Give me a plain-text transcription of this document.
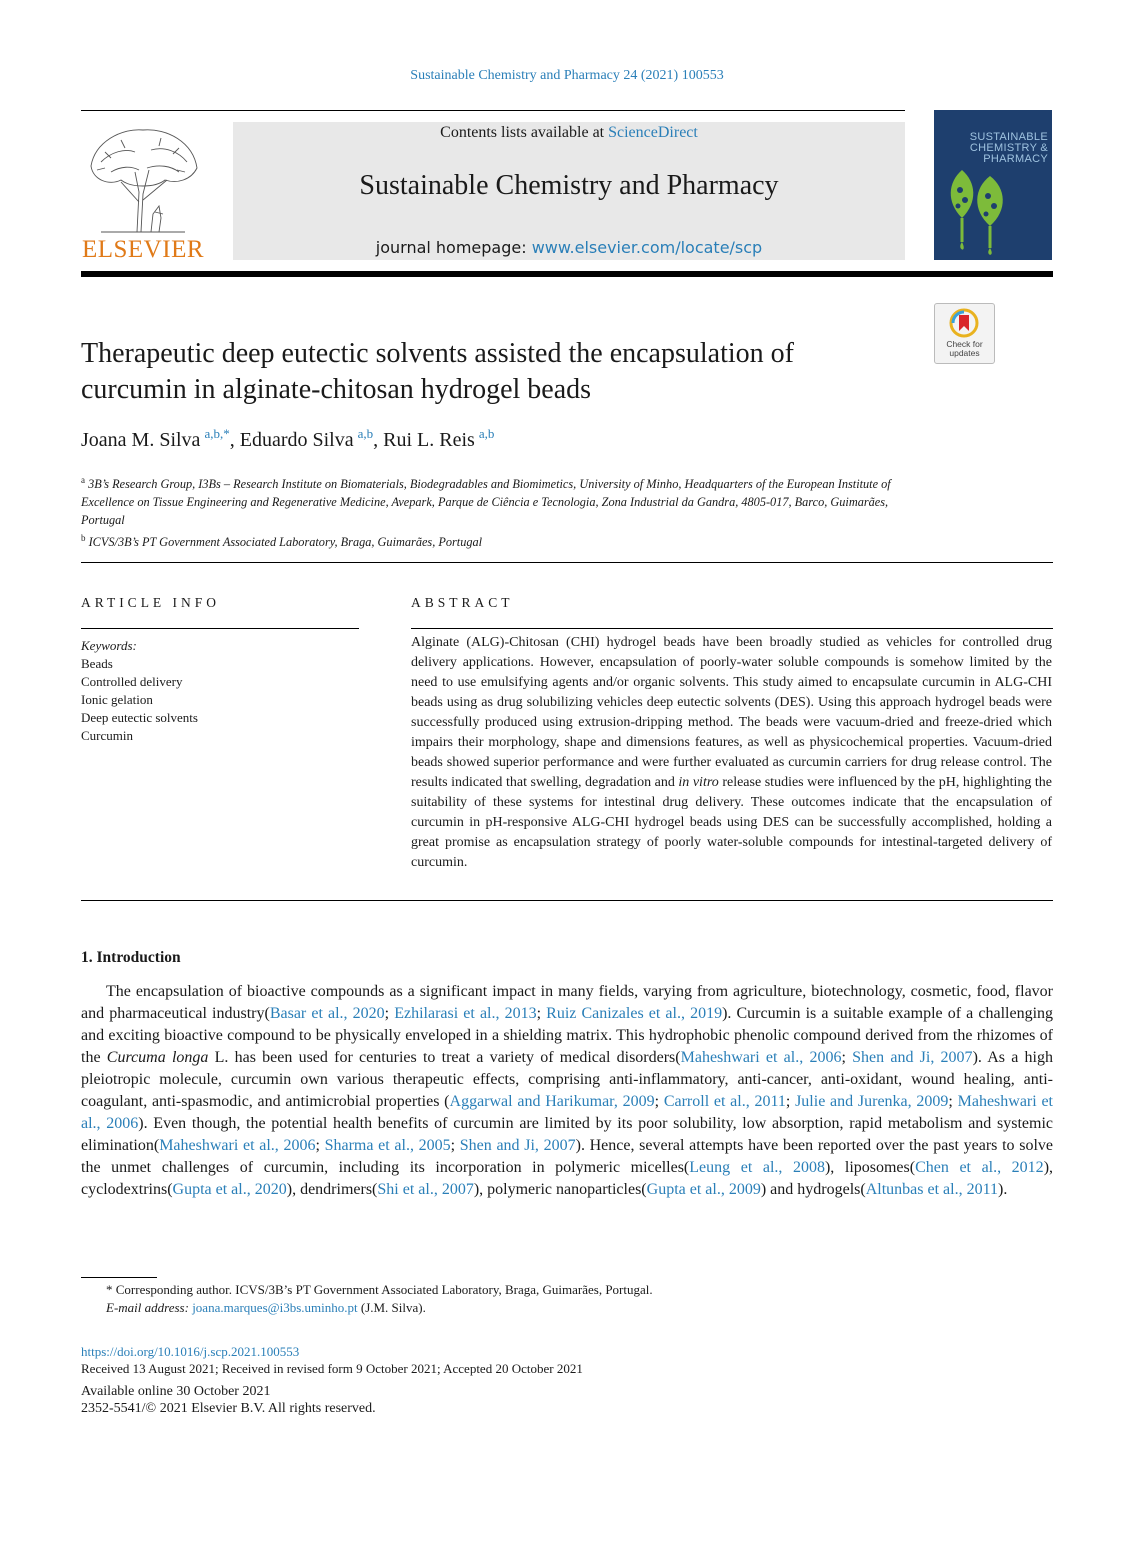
Sustainable Chemistry and Pharmacy 24 (2021) 100553
ELSEVIER
Contents lists available at ScienceDirect
Sustainable Chemistry and Pharmacy
journal homepage: www.elsevier.com/locate/scp
SUSTAINABLE
CHEMISTRY &
PHARMACY
Check for
updates
Therapeutic deep eutectic solvents assisted the encapsulation of
curcumin in alginate-chitosan hydrogel beads
Joana M. Silva  $^{a,b,*}$, Eduardo Silva  $^{a,b}$, Rui L. Reis  $^{a,b}$
$^a$ 3B’s Research Group, I3Bs – Research Institute on Biomaterials, Biodegradables and Biomimetics, University of Minho, Headquarters of the European Institute of Excellence on Tissue Engineering and Regenerative Medicine, Avepark, Parque de Ciência e Tecnologia, Zona Industrial da Gandra, 4805-017, Barco, Guimarães, Portugal
$^b$ ICVS/3B’s PT Government Associated Laboratory, Braga, Guimarães, Portugal
ARTICLE INFO
Keywords:
Beads
Controlled delivery
Ionic gelation
Deep eutectic solvents
Curcumin
ABSTRACT
Alginate (ALG)-Chitosan (CHI) hydrogel beads have been broadly studied as vehicles for controlled drug delivery applications. However, encapsulation of poorly-water soluble compounds is somehow limited by the need to use emulsifying agents and/or organic solvents. This study aimed to encapsulate curcumin in ALG-CHI beads using as drug solubilizing vehicles deep eutectic solvents (DES). Using this approach hydrogel beads were successfully produced using extrusion-dripping method. The beads were vacuum-dried and freeze-dried which impairs their morphology, shape and dimensions features, as well as physicochemical properties. Vacuum-dried beads showed superior performance and were further evaluated as curcumin carriers for drug release control. The results indicated that swelling, degradation and in vitro release studies were influenced by the pH, highlighting the suitability of these systems for intestinal drug delivery. These outcomes indicate that the encapsulation of curcumin in pH-responsive ALG-CHI hydrogel beads using DES can be successfully accomplished, holding a great promise as encapsulation strategy of poorly water-soluble compounds for intestinal-targeted delivery of curcumin.
1. Introduction
The encapsulation of bioactive compounds as a significant impact in many fields, varying from agriculture, biotechnology, cosmetic, food, flavor and pharmaceutical industry(Basar et al., 2020; Ezhilarasi et al., 2013; Ruiz Canizales et al., 2019). Curcumin is a suitable example of a challenging and exciting bioactive compound to be physically enveloped in a shielding matrix. This hydrophobic phenolic compound derived from the rhizomes of the Curcuma longa L. has been used for centuries to treat a variety of medical disorders(Maheshwari et al., 2006; Shen and Ji, 2007). As a high pleiotropic molecule, curcumin own various therapeutic effects, comprising anti-inflammatory, anti-cancer, anti-oxidant, wound healing, anti-coagulant, anti-spasmodic, and antimicrobial properties (Aggarwal and Harikumar, 2009; Carroll et al., 2011; Julie and Jurenka, 2009; Maheshwari et al., 2006). Even though, the potential health benefits of curcumin are limited by its poor solubility, low absorption, rapid metabolism and systemic elimination(Maheshwari et al., 2006; Sharma et al., 2005; Shen and Ji, 2007). Hence, several attempts have been reported over the past years to solve the unmet challenges of curcumin, including its incorporation in polymeric micelles(Leung et al., 2008), liposomes(Chen et al., 2012), cyclodextrins(Gupta et al., 2020), dendrimers(Shi et al., 2007), polymeric nanoparticles(Gupta et al., 2009) and hydrogels(Altunbas et al., 2011).
* Corresponding author. ICVS/3B’s PT Government Associated Laboratory, Braga, Guimarães, Portugal.
E-mail address: joana.marques@i3bs.uminho.pt (J.M. Silva).
https://doi.org/10.1016/j.scp.2021.100553
Received 13 August 2021; Received in revised form 9 October 2021; Accepted 20 October 2021
Available online 30 October 2021
2352-5541/© 2021 Elsevier B.V. All rights reserved.
